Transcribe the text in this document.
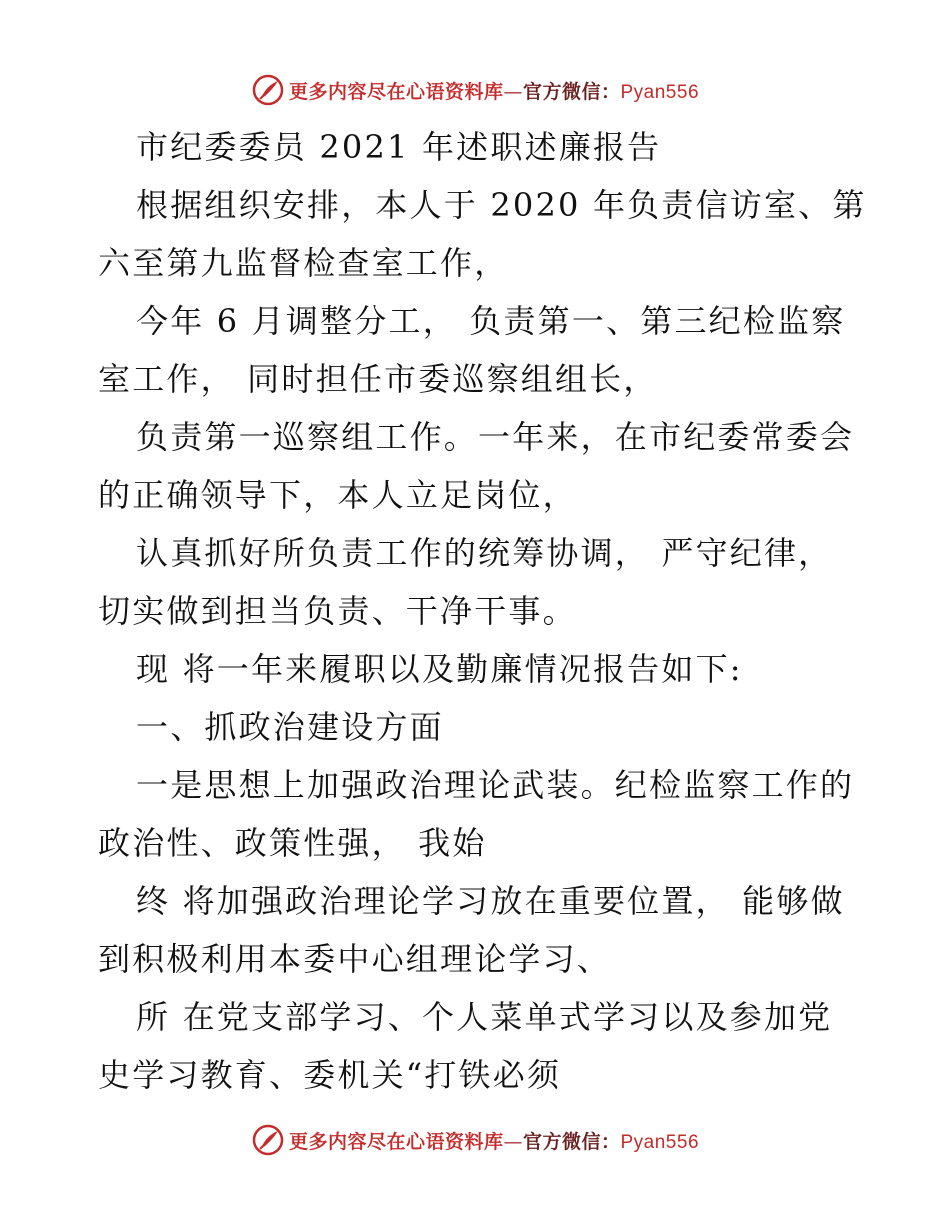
更多内容尽在心语资料库—官方微信：Pyan556
市纪委委员 2021 年述职述廉报告
根据组织安排，本人于 2020 年负责信访室、第
六至第九监督检查室工作，
今年 6 月调整分工， 负责第一、第三纪检监察
室工作， 同时担任市委巡察组组长，
负责第一巡察组工作。一年来，在市纪委常委会
的正确领导下，本人立足岗位，
认真抓好所负责工作的统筹协调， 严守纪律，
切实做到担当负责、干净干事。
现 将一年来履职以及勤廉情况报告如下:
一、抓政治建设方面
一是思想上加强政治理论武装。纪检监察工作的
政治性、政策性强， 我始
终 将加强政治理论学习放在重要位置， 能够做
到积极利用本委中心组理论学习、
所 在党支部学习、个人菜单式学习以及参加党
史学习教育、委机关“打铁必须
更多内容尽在心语资料库—官方微信：Pyan556
